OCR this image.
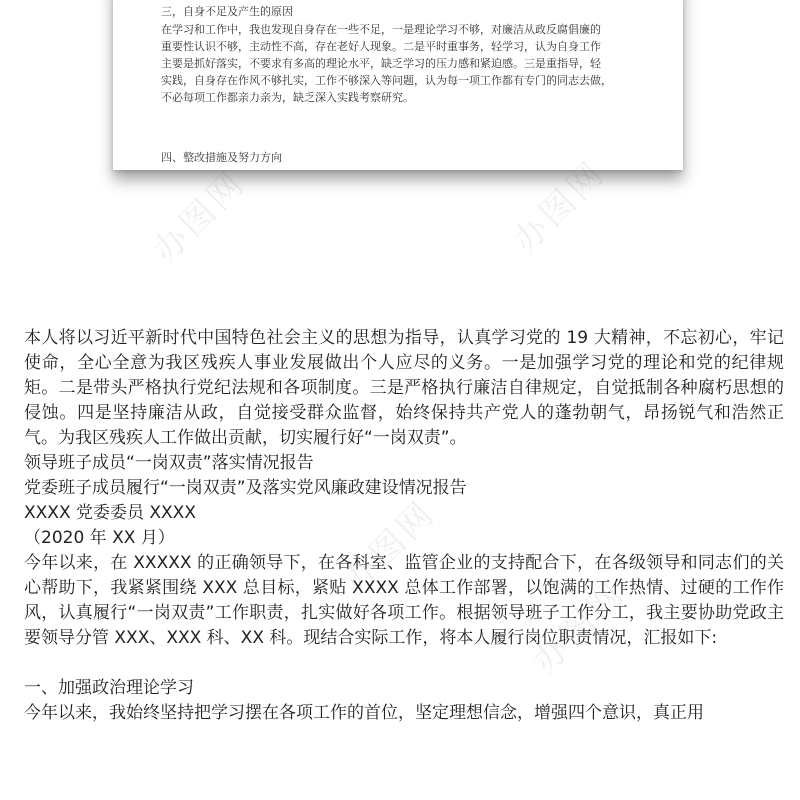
三，自身不足及产生的原因
在学习和工作中，我也发现自身存在一些不足，一是理论学习不够，对廉洁从政反腐倡廉的
重要性认识不够，主动性不高，存在老好人现象。二是平时重事务，轻学习，认为自身工作
主要是抓好落实，不要求有多高的理论水平，缺乏学习的压力感和紧迫感。三是重指导，轻
实践，自身存在作风不够扎实，工作不够深入等问题，认为每一项工作都有专门的同志去做，
不必每项工作都亲力亲为，缺乏深入实践考察研究。
四、整改措施及努力方向
办图网	办图网
办图网
办图网

本人将以习近平新时代中国特色社会主义的思想为指导，认真学习党的 19 大精神，不忘初心，牢记使命，全心全意为我区残疾人事业发展做出个人应尽的义务。一是加强学习党的理论和党的纪律规矩。二是带头严格执行党纪法规和各项制度。三是严格执行廉洁自律规定，自觉抵制各种腐朽思想的侵蚀。四是坚持廉洁从政，自觉接受群众监督，始终保持共产党人的蓬勃朝气，昂扬锐气和浩然正气。为我区残疾人工作做出贡献，切实履行好“一岗双责”。

领导班子成员“一岗双责”落实情况报告

党委班子成员履行“一岗双责”及落实党风廉政建设情况报告

XXXX 党委委员 XXXX

（2020 年 XX 月）

今年以来，在 XXXXX 的正确领导下，在各科室、监管企业的支持配合下，在各级领导和同志们的关心帮助下，我紧紧围绕 XXX 总目标，紧贴 XXXX 总体工作部署，以饱满的工作热情、过硬的工作作风，认真履行“一岗双责”工作职责，扎实做好各项工作。根据领导班子工作分工，我主要协助党政主要领导分管 XXX、XXX 科、XX 科。现结合实际工作，将本人履行岗位职责情况，汇报如下:

一、加强政治理论学习

今年以来，我始终坚持把学习摆在各项工作的首位，坚定理想信念，增强四个意识，真正用
